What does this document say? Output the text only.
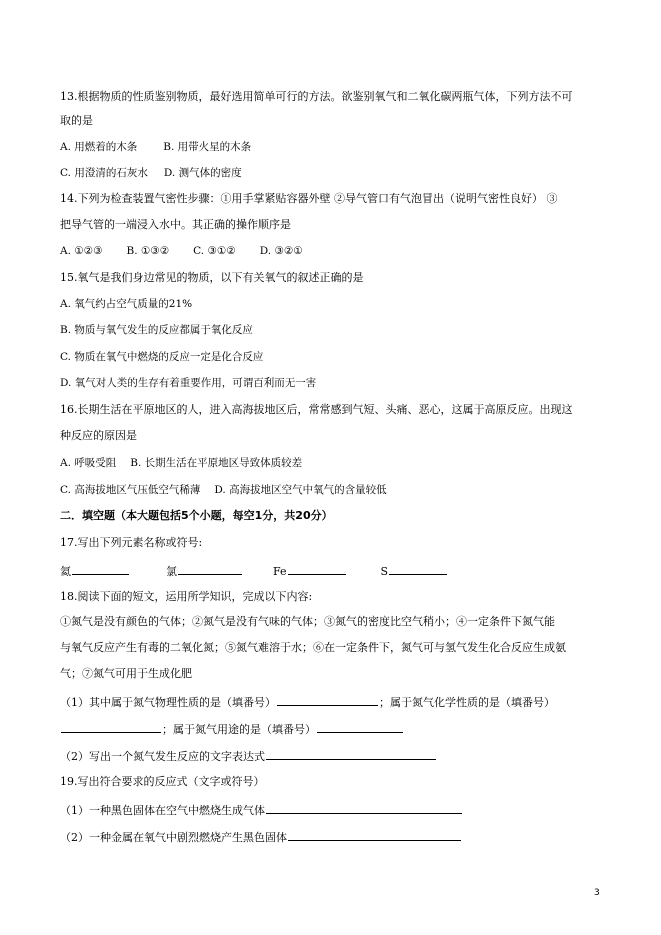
13.根据物质的性质鉴别物质，最好选用简单可行的方法。欲鉴别氧气和二氧化碳两瓶气体，下列方法不可
取的是
A. 用燃着的木条 B. 用带火星的木条
C. 用澄清的石灰水 D. 测气体的密度
14.下列为检查装置气密性步骤：①用手掌紧贴容器外壁 ②导气管口有气泡冒出（说明气密性良好） ③
把导气管的一端浸入水中。其正确的操作顺序是
A. ①②③ B. ①③② C. ③①② D. ③②①
15.氧气是我们身边常见的物质，以下有关氧气的叙述正确的是
A. 氧气约占空气质量的21%
B. 物质与氧气发生的反应都属于氧化反应
C. 物质在氧气中燃烧的反应一定是化合反应
D. 氧气对人类的生存有着重要作用，可谓百利而无一害
16.长期生活在平原地区的人，进入高海拔地区后，常常感到气短、头痛、恶心，这属于高原反应。出现这
种反应的原因是
A. 呼吸受阻 B. 长期生活在平原地区导致体质较差
C. 高海拔地区气压低空气稀薄 D. 高海拔地区空气中氧气的含量较低
二．填空题（本大题包括5个小题，每空1分，共20分）
17.写出下列元素名称或符号:
氦	氯	Fe	S
18.阅读下面的短文，运用所学知识，完成以下内容:
①氮气是没有颜色的气体；②氮气是没有气味的气体；③氮气的密度比空气稍小；④一定条件下氮气能
与氧气反应产生有毒的二氧化氮；⑤氮气难溶于水；⑥在一定条件下，氮气可与氢气发生化合反应生成氨
气；⑦氮气可用于生成化肥
（1）其中属于氮气物理性质的是（填番号）	；属于氮气化学性质的是（填番号）
；属于氮气用途的是（填番号）
（2）写出一个氮气发生反应的文字表达式
19.写出符合要求的反应式（文字或符号）
（1）一种黑色固体在空气中燃烧生成气体
（2）一种金属在氧气中剧烈燃烧产生黑色固体
3
